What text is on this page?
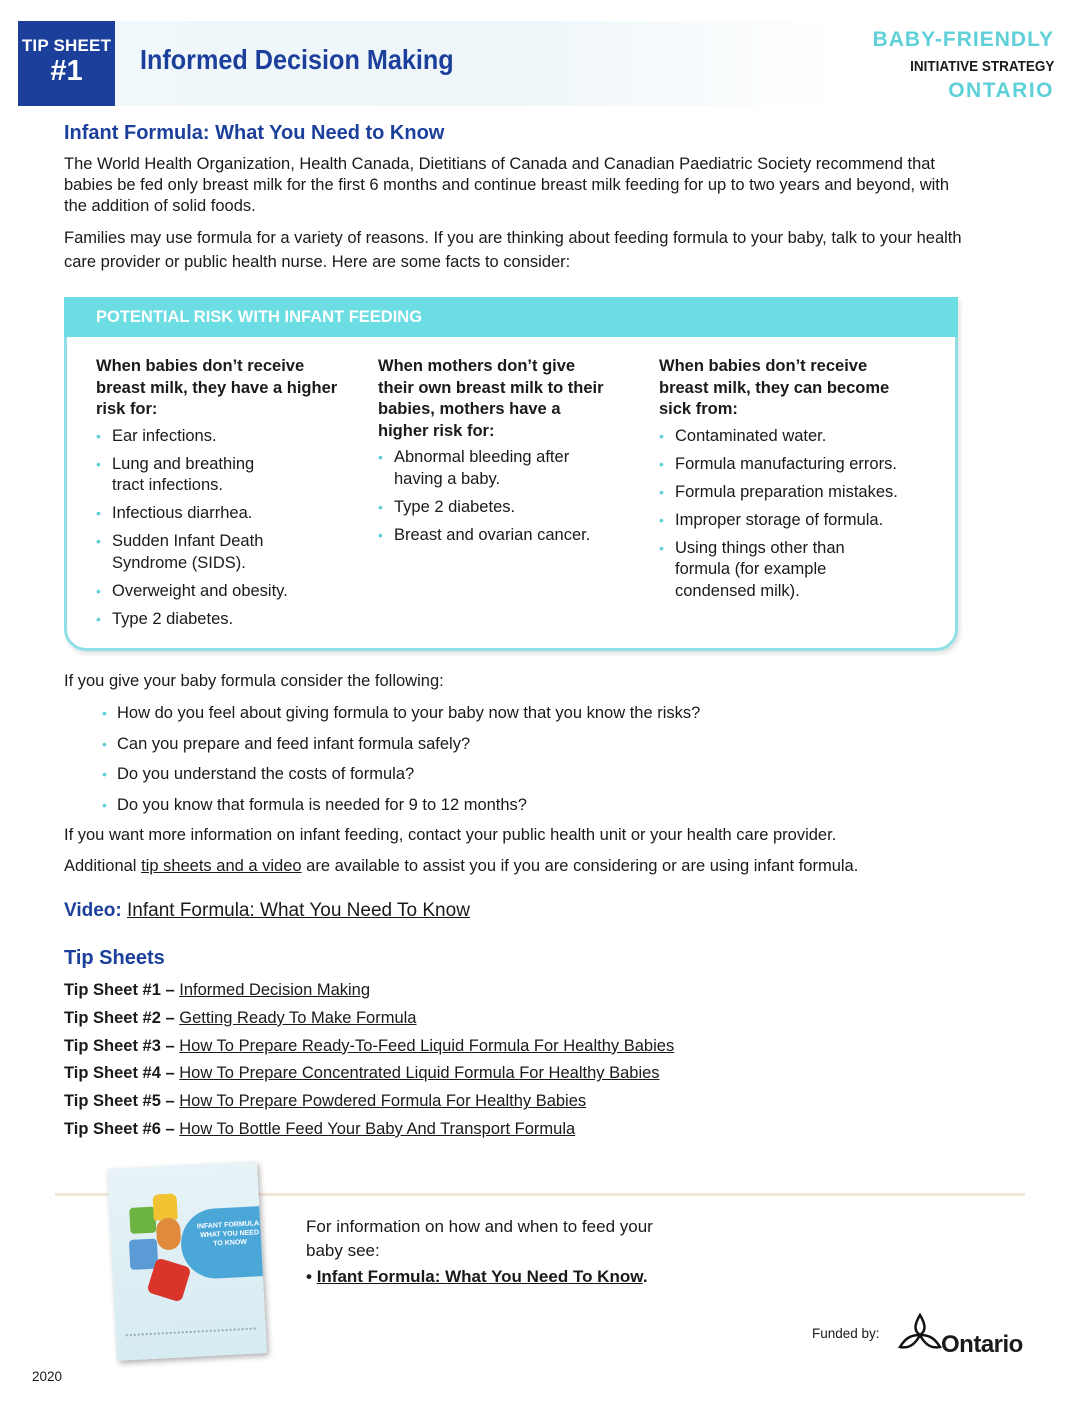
TIP SHEET
#1	Informed Decision Making
BABY-FRIENDLY
INITIATIVE STRATEGY
ONTARIO
Infant Formula: What You Need to Know
The World Health Organization, Health Canada, Dietitians of Canada and Canadian Paediatric Society recommend that babies be fed only breast milk for the first 6 months and continue breast milk feeding for up to two years and beyond, with the addition of solid foods.
Families may use formula for a variety of reasons. If you are thinking about feeding formula to your baby, talk to your health care provider or public health nurse. Here are some facts to consider:
POTENTIAL RISK WITH INFANT FEEDING
When babies don’t receive breast milk, they have a higher risk for:
• Ear infections.
• Lung and breathing tract infections.
• Infectious diarrhea.
• Sudden Infant Death Syndrome (SIDS).
• Overweight and obesity.
• Type 2 diabetes.
When mothers don’t give their own breast milk to their babies, mothers have a higher risk for:
• Abnormal bleeding after having a baby.
• Type 2 diabetes.
• Breast and ovarian cancer.
When babies don’t receive breast milk, they can become sick from:
• Contaminated water.
• Formula manufacturing errors.
• Formula preparation mistakes.
• Improper storage of formula.
• Using things other than formula (for example condensed milk).
If you give your baby formula consider the following:
• How do you feel about giving formula to your baby now that you know the risks?
• Can you prepare and feed infant formula safely?
• Do you understand the costs of formula?
• Do you know that formula is needed for 9 to 12 months?
If you want more information on infant feeding, contact your public health unit or your health care provider.
Additional tip sheets and a video are available to assist you if you are considering or are using infant formula.
Video: Infant Formula: What You Need To Know
Tip Sheets
Tip Sheet #1 – Informed Decision Making
Tip Sheet #2 – Getting Ready To Make Formula
Tip Sheet #3 – How To Prepare Ready-To-Feed Liquid Formula For Healthy Babies
Tip Sheet #4 – How To Prepare Concentrated Liquid Formula For Healthy Babies
Tip Sheet #5 – How To Prepare Powdered Formula For Healthy Babies
Tip Sheet #6 – How To Bottle Feed Your Baby And Transport Formula
INFANT FORMULA: WHAT YOU NEED TO KNOW
For information on how and when to feed your baby see:
• Infant Formula: What You Need To Know.
Funded by:	Ontario
2020
